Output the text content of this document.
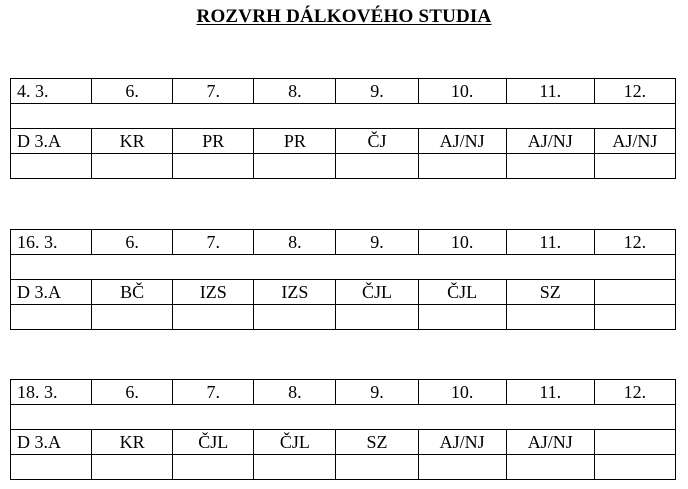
ROZVRH DÁLKOVÉHO STUDIA
4. 3.	6.	7.	8.	9.	10.	11.	12.

D 3.A	KR	PR	PR	ČJ	AJ/NJ	AJ/NJ	AJ/NJ

16. 3.	6.	7.	8.	9.	10.	11.	12.

D 3.A	BČ	IZS	IZS	ČJL	ČJL	SZ	

18. 3.	6.	7.	8.	9.	10.	11.	12.

D 3.A	KR	ČJL	ČJL	SZ	AJ/NJ	AJ/NJ	
